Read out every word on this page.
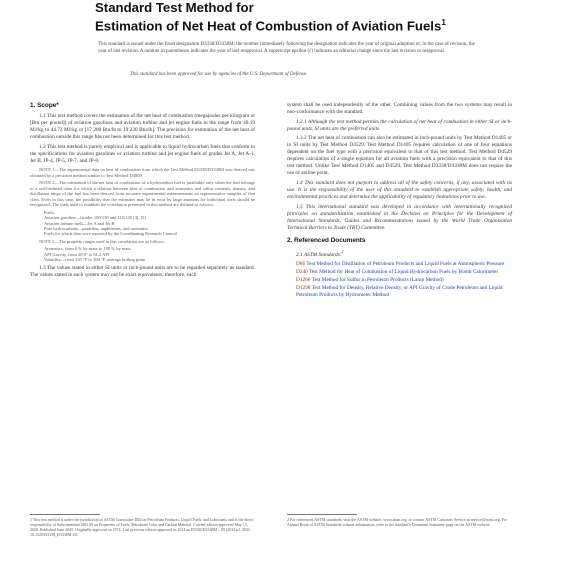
Standard Test Method for
Estimation of Net Heat of Combustion of Aviation Fuels$^1$
This standard is issued under the fixed designation D3338/D3338M; the number immediately following the designation indicates the year of original adoption or, in the case of revision, the year of last revision. A number in parentheses indicates the year of last reapproval. A superscript epsilon (ε) indicates an editorial change since the last revision or reapproval.
This standard has been approved for use by agencies of the U.S. Department of Defense.
1. Scope*
1.1 This test method covers the estimation of the net heat of combustion (megajoules per kilogram or [Btu per pound]) of aviation gasolines and aviation turbine and jet engine fuels in the range from 40.19 MJ/kg to 44.73 MJ/kg or [17 280 Btu/lb to 19 230 Btu/lb]. The precision for estimation of the net heat of combustion outside this range has not been determined for this test method.
1.2 This test method is purely empirical and is applicable to liquid hydrocarbon fuels that conform to the specifications for aviation gasolines or aviation turbine and jet engine fuels of grades Jet A, Jet A-1, Jet B, JP-4, JP-5, JP-7, and JP-8.
NOTE 1—The experimental data on heat of combustion from which the Test Method D3338/D3338M was derived was obtained by a precision method similar to Test Method D4809.
NOTE 2—The estimation of the net heat of combustion of a hydrocarbon fuel is justifiable only when the fuel belongs to a well-defined class for which a relation between heat of combustion and aromatics and sulfur contents, density, and distillation range of the fuel has been derived from accurate experimental measurements on representative samples of that class. Even in this case, the possibility that the estimates may be in error by large amounts for individual fuels should be recognized. The fuels used to establish the correlation presented in this method are defined as follows:
Fuels:
Aviation gasoline—Grades 100/130 and 115/145 [4], [5]
Aviation turbine fuels—Jet A and Jet B
Pure hydrocarbons—paraffins, naphthenes, and aromatics
Fuels for which data were reported by the Coordinating Research Council
NOTE 3—The property ranges used in this correlation are as follows:
Aromatics, from 0 % by mass to 100 % by mass
API Gravity, from 20.0° to 81.2 API
Volatility—from 150 °F to 500 °F, average boiling point
1.3 The values stated in either SI units or inch-pound units are to be regarded separately as standard. The values stated in each system may not be exact equivalents; therefore, each
system shall be used independently of the other. Combining values from the two systems may result in non-conformance with the standard.
1.3.1 Although the test method permits the calculation of net heat of combustion in either SI or inch-pound units, SI units are the preferred units.
1.3.2 The net heat of combustion can also be estimated in inch-pound units by Test Method D1405 or in SI units by Test Method D4529. Test Method D1405 requires calculation of one of four equations dependent on the fuel type with a precision equivalent to that of this test method. Test Method D4529 requires calculation of a single equation for all aviation fuels with a precision equivalent to that of this test method. Unlike Test Method D1405 and D4529, Test Method D3338/D3338M does not require the use of aniline point.
1.4 This standard does not purport to address all of the safety concerns, if any, associated with its use. It is the responsibility of the user of this standard to establish appropriate safety, health, and environmental practices and determine the applicability of regulatory limitations prior to use.
1.5 This international standard was developed in accordance with internationally recognized principles on standardization established in the Decision on Principles for the Development of International Standards, Guides and Recommendations issued by the World Trade Organization Technical Barriers to Trade (TBT) Committee.
2. Referenced Documents
2.1 ASTM Standards:$^2$
D86 Test Method for Distillation of Petroleum Products and Liquid Fuels at Atmospheric Pressure
D240 Test Method for Heat of Combustion of Liquid Hydrocarbon Fuels by Bomb Calorimeter
D1266 Test Method for Sulfur in Petroleum Products (Lamp Method)
D1298 Test Method for Density, Relative Density, or API Gravity of Crude Petroleum and Liquid Petroleum Products by Hydrometer Method
1 This test method is under the jurisdiction of ASTM Committee D02 on Petroleum Products, Liquid Fuels, and Lubricants and is the direct responsibility of Subcommittee D02.05 on Properties of Fuels, Petroleum Coke and Carbon Material. Current edition approved May 15, 2020. Published June 2020. Originally approved in 1974. Last previous edition approved in 2014 as D3338/D3338M – 09 (2014)ε1. DOI: 10.1520/D3338_D3338M-20.
2 For referenced ASTM standards, visit the ASTM website, www.astm.org, or contact ASTM Customer Service at service@astm.org. For Annual Book of ASTM Standards volume information, refer to the standard's Document Summary page on the ASTM website.
